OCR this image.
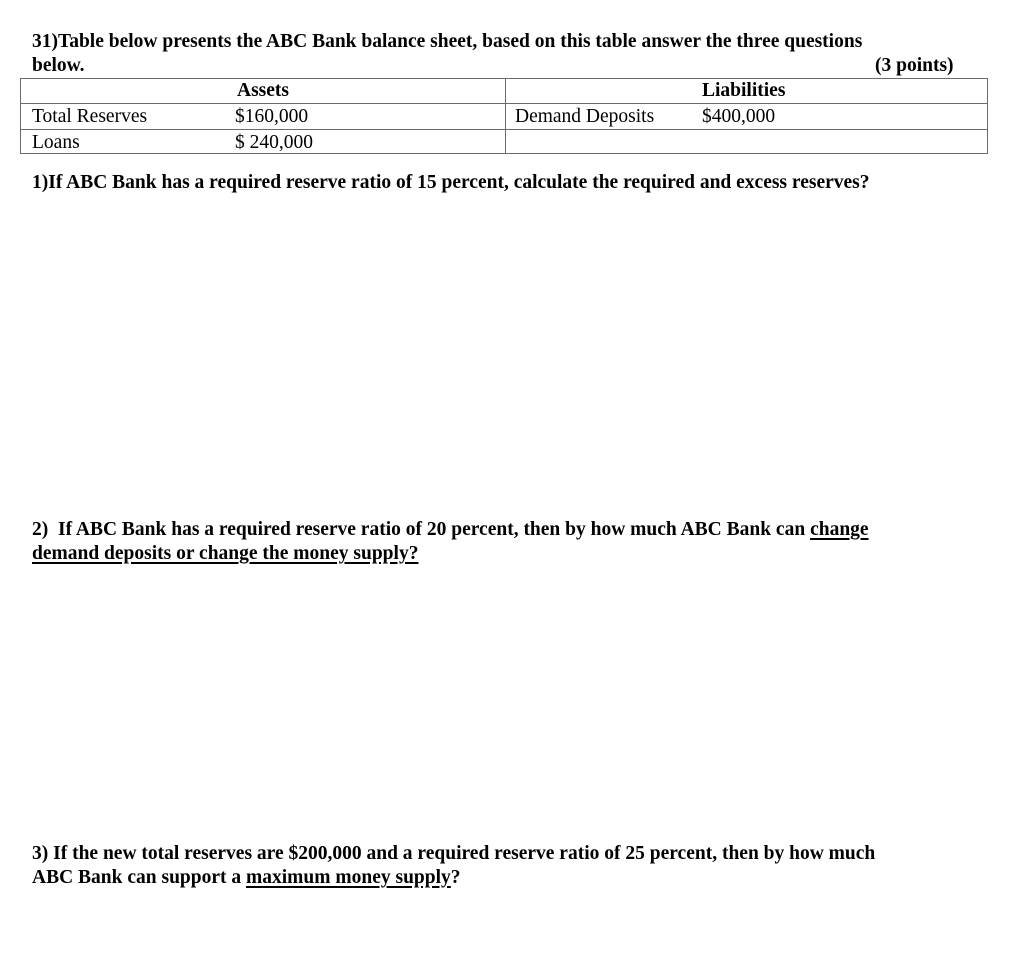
31)Table below presents the ABC Bank balance sheet, based on this table answer the three questions
below.	(3 points)
Assets	Liabilities
Total Reserves	$160,000	Demand Deposits $400,000
Loans	$ 240,000
1)If ABC Bank has a required reserve ratio of 15 percent, calculate the required and excess reserves?
2)  If ABC Bank has a required reserve ratio of 20 percent, then by how much ABC Bank can change
demand deposits or change the money supply?
3) If the new total reserves are $200,000 and a required reserve ratio of 25 percent, then by how much
ABC Bank can support a maximum money supply?
